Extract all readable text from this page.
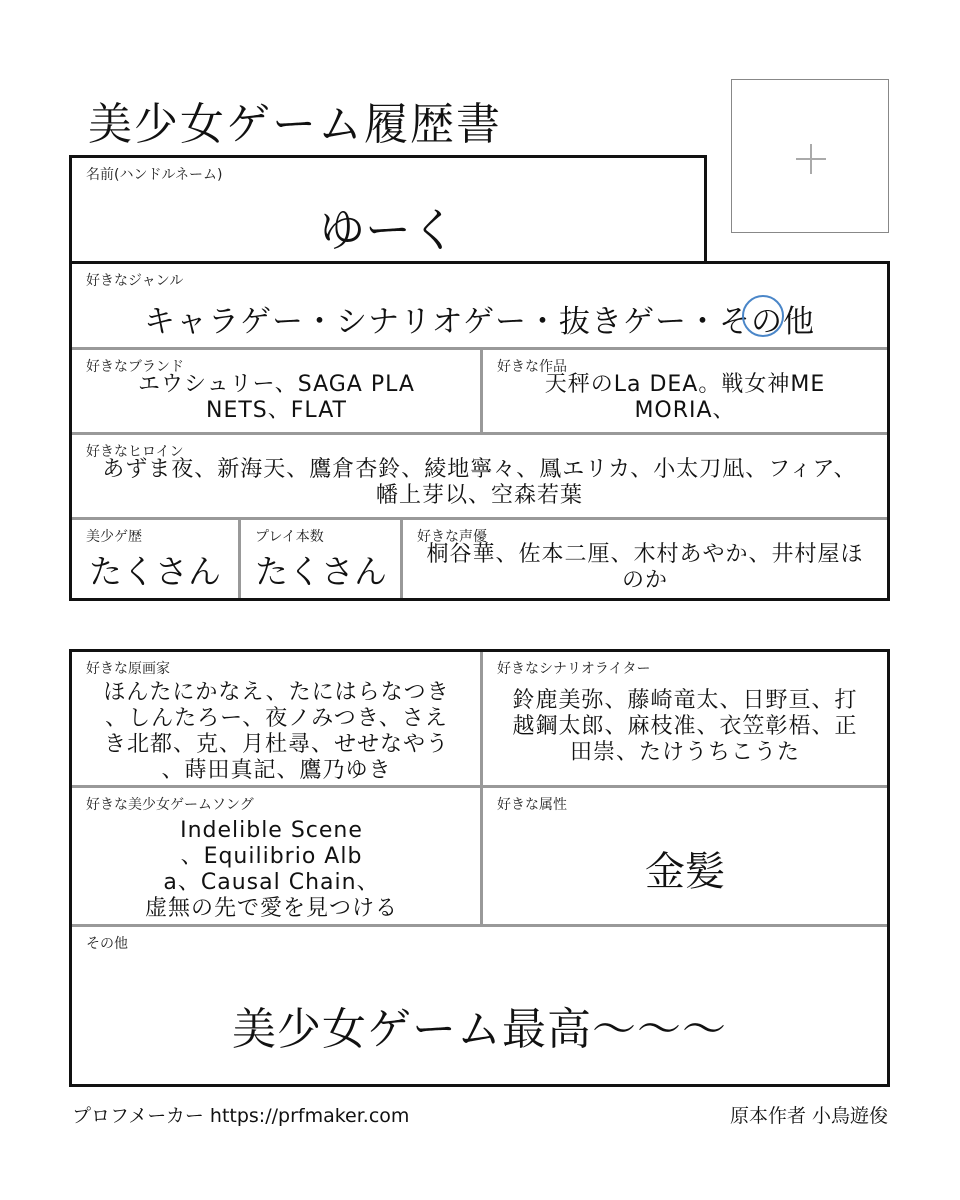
美少女ゲーム履歴書
名前(ハンドルネーム)
ゆーく
好きなジャンル
キャラゲー・シナリオゲー・抜きゲー・その他
好きなブランド
エウシュリー、SAGA PLA
NETS、FLAT
好きな作品
天秤のLa DEA。戦女神ME
MORIA、
好きなヒロイン
あずま夜、新海天、鷹倉杏鈴、綾地寧々、鳳エリカ、小太刀凪、フィア、
幡上芽以、空森若葉
美少ゲ歴
たくさん
プレイ本数
たくさん
好きな声優
桐谷華、佐本二厘、木村あやか、井村屋ほ
のか
好きな原画家
ほんたにかなえ、たにはらなつき
、しんたろー、夜ノみつき、さえ
き北都、克、月杜尋、せせなやう
、蒔田真記、鷹乃ゆき
好きなシナリオライター
鈴鹿美弥、藤崎竜太、日野亘、打
越鋼太郎、麻枝准、衣笠彰梧、正
田崇、たけうちこうた
好きな美少女ゲームソング
Indelible Scene
、Equilibrio Alb
a、Causal Chain、
虚無の先で愛を見つける
好きな属性
金髪
その他
美少女ゲーム最高～～～
プロフメーカー https://prfmaker.com	原本作者 小鳥遊俊
